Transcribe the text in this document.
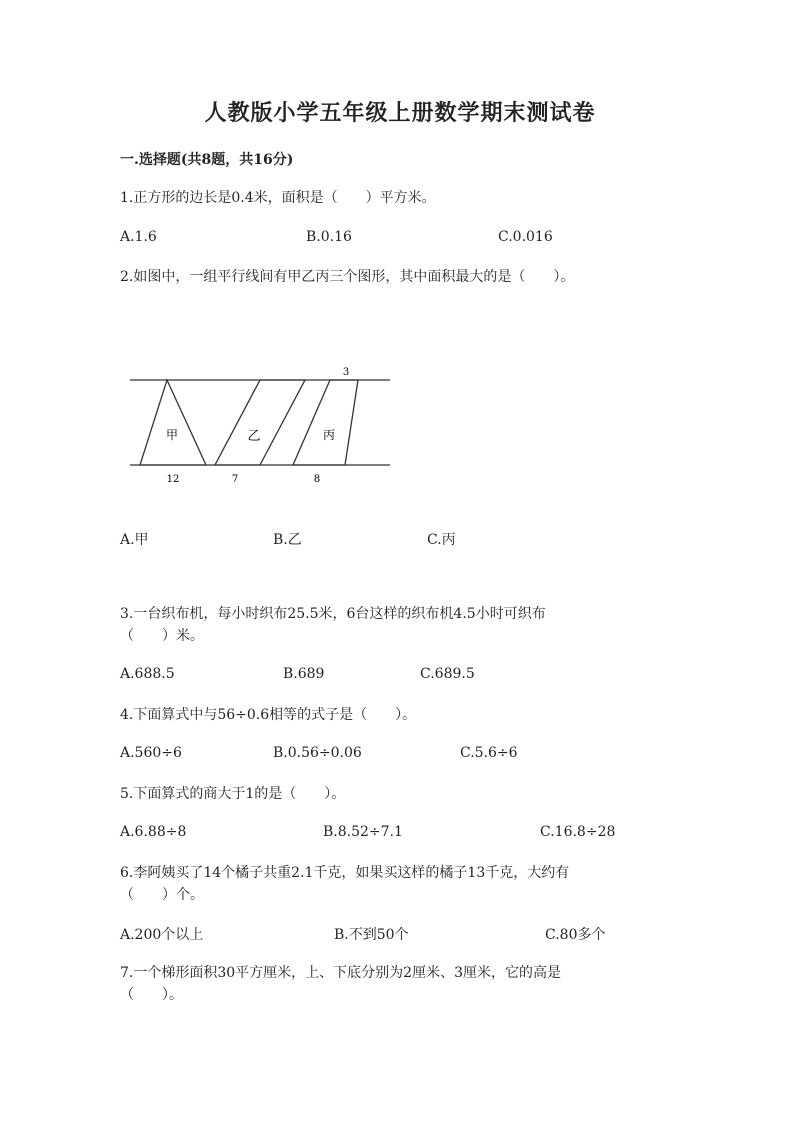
人教版小学五年级上册数学期末测试卷
一.选择题(共8题，共16分)
1.正方形的边长是0.4米，面积是（　　）平方米。
A.1.6	B.0.16	C.0.016
2.如图中，一组平行线间有甲乙丙三个图形，其中面积最大的是（　　）。
甲	乙	丙
3
12	7	8
A.甲	B.乙	C.丙
3.一台织布机，每小时织布25.5米，6台这样的织布机4.5小时可织布
（　　）米。
A.688.5	B.689	C.689.5
4.下面算式中与56÷0.6相等的式子是（　　）。
A.560÷6	B.0.56÷0.06	C.5.6÷6
5.下面算式的商大于1的是（　　）。
A.6.88÷8	B.8.52÷7.1	C.16.8÷28
6.李阿姨买了14个橘子共重2.1千克，如果买这样的橘子13千克，大约有
（　　）个。
A.200个以上	B.不到50个	C.80多个
7.一个梯形面积30平方厘米，上、下底分别为2厘米、3厘米，它的高是
（　　）。
